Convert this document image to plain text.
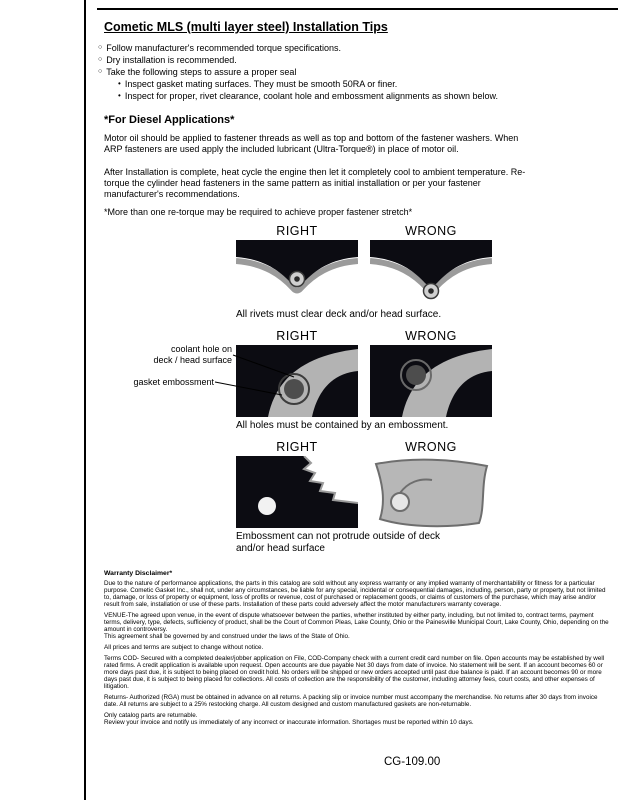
Cometic MLS (multi layer steel) Installation Tips
○ Follow manufacturer's recommended torque specifications.
○ Dry installation is recommended.
○ Take the following steps to assure a proper seal
• Inspect gasket mating surfaces. They must be smooth 50RA or finer.
• Inspect for proper, rivet clearance, coolant hole and embossment alignments as shown below.
*For Diesel Applications*

Motor oil should be applied to fastener threads as well as top and bottom of the fastener washers. When ARP fasteners are used apply the included lubricant (Ultra-Torque®) in place of motor oil.

After Installation is complete, heat cycle the engine then let it completely cool to ambient temperature. Re-torque the cylinder head fasteners in the same pattern as initial installation or per your fastener manufacturer's recommendations.

*More than one re-torque may be required to achieve proper fastener stretch*

RIGHT	WRONG
All rivets must clear deck and/or head surface.
RIGHT	WRONG
All holes must be contained by an embossment.
coolant hole on
deck / head surface
gasket embossment
RIGHT	WRONG
Embossment can not protrude outside of deck
and/or head surface
Warranty Disclaimer*

Due to the nature of performance applications, the parts in this catalog are sold without any express warranty or any implied warranty of merchantability or fitness for a particular purpose. Cometic Gasket Inc., shall not, under any circumstances, be liable for any special, incidental or consequential damages, including, person, party or property, but not limited to, damage, or loss of property or equipment, loss of profits or revenue, cost of purchased or replacement goods, or claims of customers of the purchase, which may arise and/or result from sale, installation or use of these parts. Installation of these parts could adversely affect the motor manufacturers warranty coverage.

VENUE-The agreed upon venue, in the event of dispute whatsoever between the parties, whether instituted by either party, including, but not limited to, contract terms, payment terms, delivery, type, defects, sufficiency of product, shall be the Court of Common Pleas, Lake County, Ohio or the Painesville Municipal Court, Lake County, Ohio, depending on the amount in controversy.

This agreement shall be governed by and construed under the laws of the State of Ohio.

All prices and terms are subject to change without notice.

Terms COD- Secured with a completed dealer/jobber application on File, COD-Company check with a current credit card number on file. Open accounts may be established by well rated firms. A credit application is available upon request. Open accounts are due payable Net 30 days from date of invoice. No statement will be sent. If an account becomes 60 or more days past due, it is subject to being placed on credit hold. No orders will be shipped or new orders accepted until past due balance is paid. If an account becomes 90 or more days past due, it is subject to being placed for collections. All costs of collection are the responsibility of the customer, including attorney fees, court costs, and other expenses of litigation.

Returns- Authorized (RGA) must be obtained in advance on all returns. A packing slip or invoice number must accompany the merchandise. No returns after 30 days from invoice date. All returns are subject to a 25% restocking charge. All custom designed and custom manufactured gaskets are non-returnable.

Only catalog parts are returnable.

Review your invoice and notify us immediately of any incorrect or inaccurate information. Shortages must be reported within 10 days.

CG-109.00
